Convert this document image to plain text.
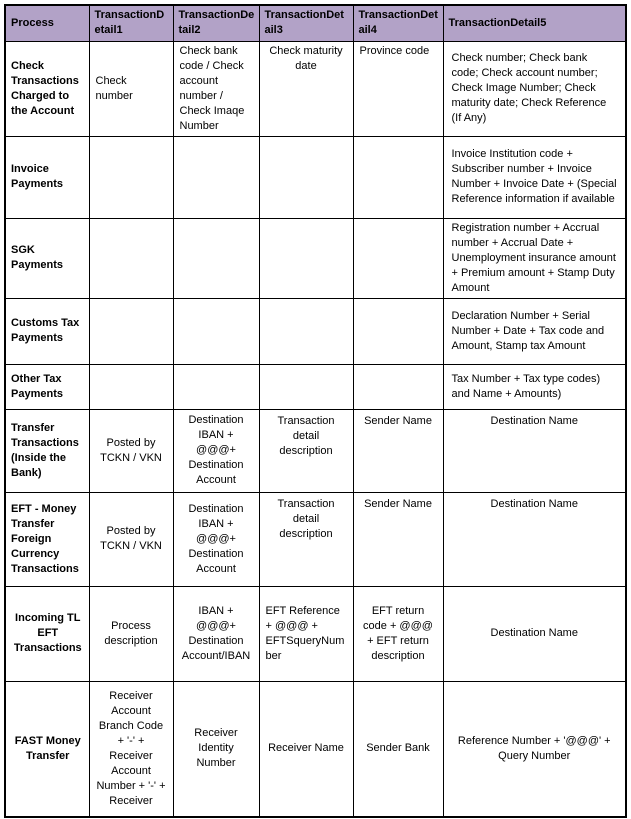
Process	TransactionDetail1	TransactionDetail2	TransactionDetail3	TransactionDetail4	TransactionDetail5
Check Transactions Charged to the Account	Check number	Check bank code / Check account number / Check Imaqe Number	Check maturity date	Province code	Check number; Check bank code; Check account number; Check Image Number; Check maturity date; Check Reference (If Any)
Invoice Payments					Invoice Institution code + Subscriber number + Invoice Number + Invoice Date + (Special Reference information if available
SGK Payments					Registration number + Accrual number + Accrual Date + Unemployment insurance amount + Premium amount + Stamp Duty Amount
Customs Tax Payments					Declaration Number + Serial Number + Date + Tax code and Amount, Stamp tax Amount
Other Tax Payments					Tax Number + Tax type codes) and Name + Amounts)
Transfer Transactions (Inside the Bank)	Posted by TCKN / VKN	Destination IBAN + @@@+ Destination Account	Transaction detail description	Sender Name	Destination Name
EFT - Money Transfer Foreign Currency Transactions	Posted by TCKN / VKN	Destination IBAN + @@@+ Destination Account	Transaction detail description	Sender Name	Destination Name
Incoming TL EFT Transactions	Process description	IBAN + @@@+ Destination Account/IBAN	EFT Reference + @@@ + EFTSqueryNumber	EFT return code + @@@ + EFT return description	Destination Name
FAST Money Transfer	Receiver Account Branch Code + '-' + Receiver Account Number + '-' + Receiver	Receiver Identity Number	Receiver Name	Sender Bank	Reference Number + '@@@' + Query Number
